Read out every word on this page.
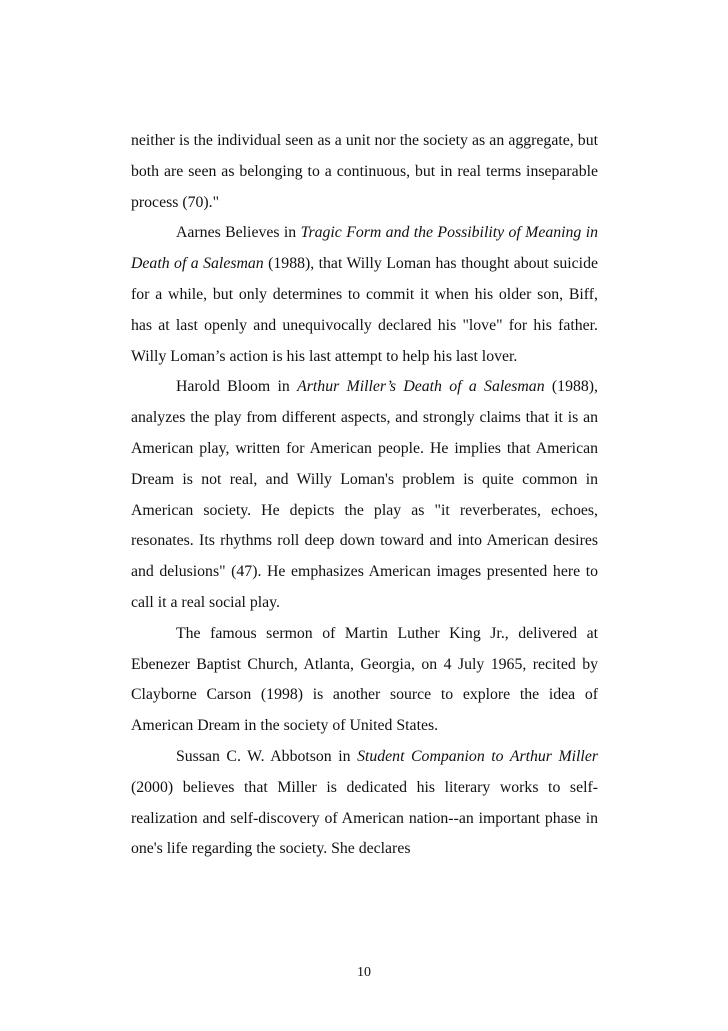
neither is the individual seen as a unit nor the society as an aggregate, but both are seen as belonging to a continuous, but in real terms inseparable process (70)."

Aarnes Believes in Tragic Form and the Possibility of Meaning in Death of a Salesman (1988), that Willy Loman has thought about suicide for a while, but only determines to commit it when his older son, Biff, has at last openly and unequivocally declared his "love" for his father. Willy Loman’s action is his last attempt to help his last lover.

Harold Bloom in Arthur Miller’s Death of a Salesman (1988), analyzes the play from different aspects, and strongly claims that it is an American play, written for American people. He implies that American Dream is not real, and Willy Loman's problem is quite common in American society. He depicts the play as "it reverberates, echoes, resonates. Its rhythms roll deep down toward and into American desires and delusions" (47). He emphasizes American images presented here to call it a real social play.

The famous sermon of Martin Luther King Jr., delivered at Ebenezer Baptist Church, Atlanta, Georgia, on 4 July 1965, recited by Clayborne Carson (1998) is another source to explore the idea of American Dream in the society of United States.

Sussan C. W. Abbotson in Student Companion to Arthur Miller (2000) believes that Miller is dedicated his literary works to self-realization and self-discovery of American nation--an important phase in one's life regarding the society. She declares

10
